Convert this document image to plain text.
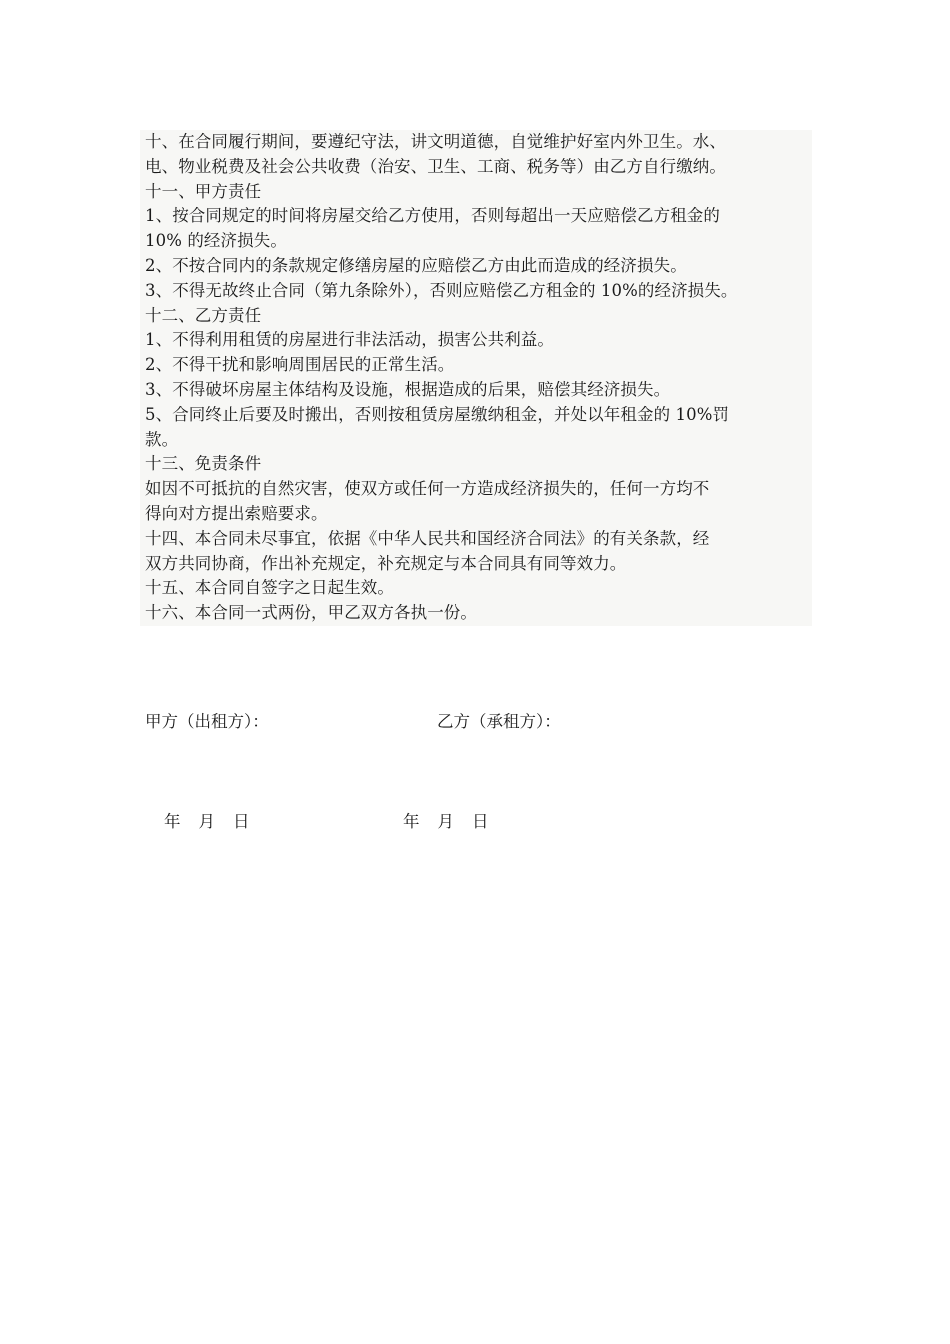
十、在合同履行期间，要遵纪守法，讲文明道德，自觉维护好室内外卫生。水、
电、物业税费及社会公共收费（治安、卫生、工商、税务等）由乙方自行缴纳。
十一、甲方责任
1、按合同规定的时间将房屋交给乙方使用，否则每超出一天应赔偿乙方租金的
10% 的经济损失。
2、不按合同内的条款规定修缮房屋的应赔偿乙方由此而造成的经济损失。
3、不得无故终止合同（第九条除外），否则应赔偿乙方租金的 10%的经济损失。
十二、乙方责任
1、不得利用租赁的房屋进行非法活动，损害公共利益。
2、不得干扰和影响周围居民的正常生活。
3、不得破坏房屋主体结构及设施，根据造成的后果，赔偿其经济损失。
5、合同终止后要及时搬出，否则按租赁房屋缴纳租金，并处以年租金的 10%罚
款。
十三、免责条件
如因不可抵抗的自然灾害，使双方或任何一方造成经济损失的，任何一方均不
得向对方提出索赔要求。
十四、本合同未尽事宜，依据《中华人民共和国经济合同法》的有关条款，经
双方共同协商，作出补充规定，补充规定与本合同具有同等效力。
十五、本合同自签字之日起生效。
十六、本合同一式两份，甲乙双方各执一份。
甲方（出租方）：	乙方（承租方）：
年 月 日	年 月 日
